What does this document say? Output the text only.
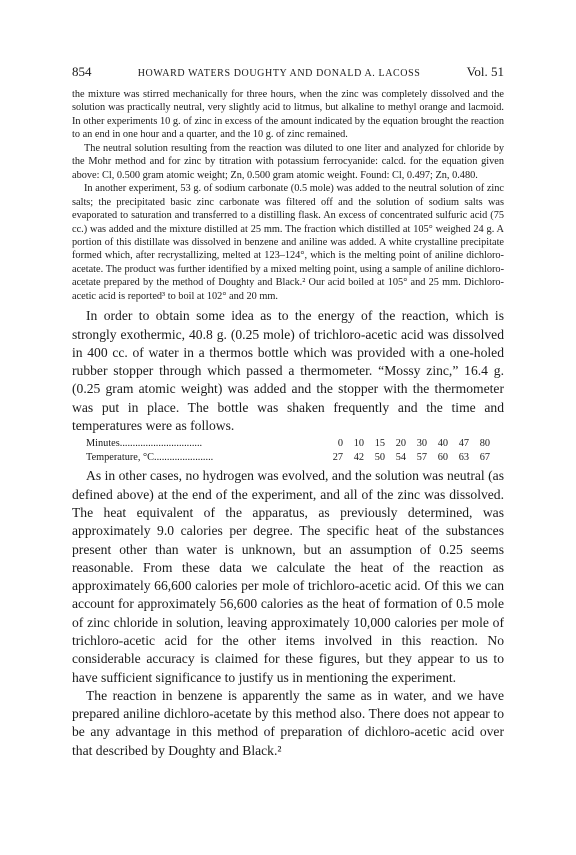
854	HOWARD WATERS DOUGHTY AND DONALD A. LACOSS	Vol. 51

the mixture was stirred mechanically for three hours, when the zinc was completely dissolved and the solution was practically neutral, very slightly acid to litmus, but alkaline to methyl orange and lacmoid. In other experiments 10 g. of zinc in excess of the amount indicated by the equation brought the reaction to an end in one hour and a quarter, and the 10 g. of zinc remained.

The neutral solution resulting from the reaction was diluted to one liter and analyzed for chloride by the Mohr method and for zinc by titration with potassium ferrocyanide: calcd. for the equation given above: Cl, 0.500 gram atomic weight; Zn, 0.500 gram atomic weight. Found: Cl, 0.497; Zn, 0.480.

In another experiment, 53 g. of sodium carbonate (0.5 mole) was added to the neutral solution of zinc salts; the precipitated basic zinc carbonate was filtered off and the solution of sodium salts was evaporated to saturation and transferred to a distilling flask. An excess of concentrated sulfuric acid (75 cc.) was added and the mixture distilled at 25 mm. The fraction which distilled at 105° weighed 24 g. A portion of this distillate was dissolved in benzene and aniline was added. A white crystalline precipitate formed which, after recrystallizing, melted at 123–124°, which is the melting point of aniline dichloro-acetate. The product was further identified by a mixed melting point, using a sample of aniline dichloro-acetate prepared by the method of Doughty and Black.² Our acid boiled at 105° and 25 mm. Dichloro-acetic acid is reported³ to boil at 102° and 20 mm.

In order to obtain some idea as to the energy of the reaction, which is strongly exothermic, 40.8 g. (0.25 mole) of trichloro-acetic acid was dissolved in 400 cc. of water in a thermos bottle which was provided with a one-holed rubber stopper through which passed a thermometer. “Mossy zinc,” 16.4 g. (0.25 gram atomic weight) was added and the stopper with the thermometer was put in place. The bottle was shaken frequently and the time and temperatures were as follows.

Minutes................................	0	10	15	20	30	40	47	80
Temperature, °C.......................	27	42	50	54	57	60	63	67

As in other cases, no hydrogen was evolved, and the solution was neutral (as defined above) at the end of the experiment, and all of the zinc was dissolved. The heat equivalent of the apparatus, as previously determined, was approximately 9.0 calories per degree. The specific heat of the substances present other than water is unknown, but an assumption of 0.25 seems reasonable. From these data we calculate the heat of the reaction as approximately 66,600 calories per mole of trichloro-acetic acid. Of this we can account for approximately 56,600 calories as the heat of formation of 0.5 mole of zinc chloride in solution, leaving approximately 10,000 calories per mole of trichloro-acetic acid for the other items involved in this reaction. No considerable accuracy is claimed for these figures, but they appear to us to have sufficient significance to justify us in mentioning the experiment.

The reaction in benzene is apparently the same as in water, and we have prepared aniline dichloro-acetate by this method also. There does not appear to be any advantage in this method of preparation of dichloro-acetic acid over that described by Doughty and Black.²
